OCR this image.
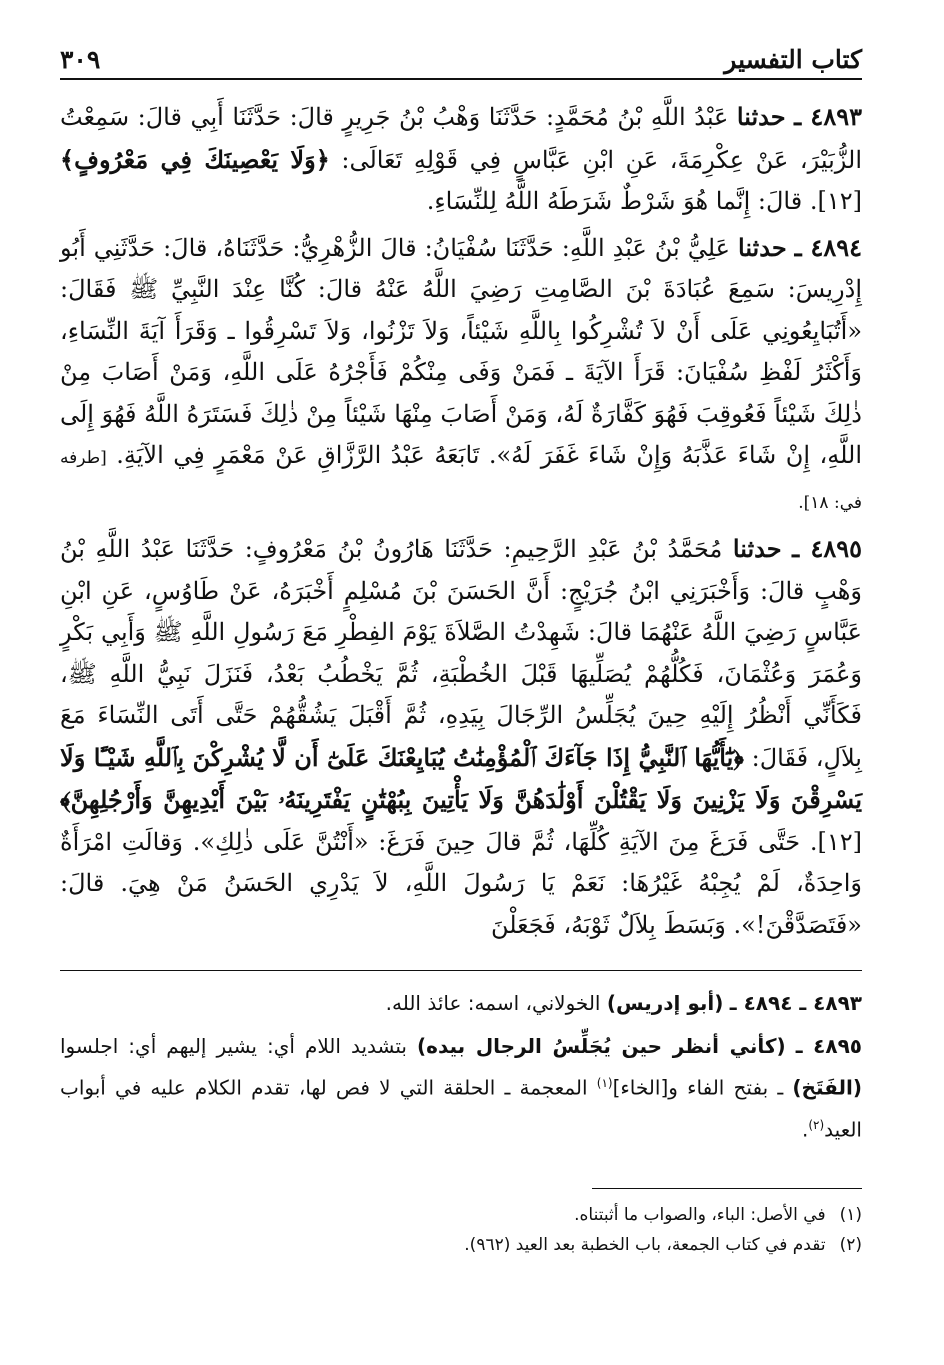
كتاب التفسير
٣٠٩

٤٨٩٣ ـ حدثنا عَبْدُ اللَّهِ بْنُ مُحَمَّدٍ: حَدَّثَنَا وَهْبُ بْنُ جَرِيرٍ قالَ: حَدَّثَنَا أَبِي قالَ: سَمِعْتُ الزُّبَيْرَ، عَنْ عِكْرِمَةَ، عَنِ ابْنِ عَبَّاسٍ فِي قَوْلِهِ تَعَالَى: ﴿وَلَا يَعْصِينَكَ فِي مَعْرُوفٍ﴾ [١٢]. قالَ: إِنَّما هُوَ شَرْطٌ شَرَطَهُ اللَّهُ لِلنِّسَاءِ.

٤٨٩٤ ـ حدثنا عَلِيُّ بْنُ عَبْدِ اللَّهِ: حَدَّثَنَا سُفْيَانُ: قالَ الزُّهْرِيُّ: حَدَّثَنَاهُ، قالَ: حَدَّثَنِي أَبُو إِدْرِيسَ: سَمِعَ عُبَادَةَ بْنَ الصَّامِتِ رَضِيَ اللَّهُ عَنْهُ قالَ: كُنَّا عِنْدَ النَّبِيِّ ﷺ فَقَالَ: «أَتُبَايِعُونِي عَلَى أَنْ لاَ تُشْرِكُوا بِاللَّهِ شَيْئاً، وَلاَ تَزْنُوا، وَلاَ تَسْرِقُوا ـ وَقَرَأَ آيَةَ النِّسَاءِ، وَأَكْثَرُ لَفْظِ سُفْيَانَ: قَرَأَ الآيَةَ ـ فَمَنْ وَفَى مِنْكُمْ فَأَجْرُهُ عَلَى اللَّهِ، وَمَنْ أَصَابَ مِنْ ذٰلِكَ شَيْئاً فَعُوقِبَ فَهُوَ كَفَّارَةٌ لَهُ، وَمَنْ أَصَابَ مِنْهَا شَيْئاً مِنْ ذٰلِكَ فَسَتَرَهُ اللَّهُ فَهُوَ إِلَى اللَّهِ، إِنْ شَاءَ عَذَّبَهُ وَإِنْ شَاءَ غَفَرَ لَهُ». تَابَعَهُ عَبْدُ الرَّزَّاقِ عَنْ مَعْمَرٍ فِي الآيَةِ. [طرفه في: ١٨].

٤٨٩٥ ـ حدثنا مُحَمَّدُ بْنُ عَبْدِ الرَّحِيمِ: حَدَّثَنَا هَارُونُ بْنُ مَعْرُوفٍ: حَدَّثَنَا عَبْدُ اللَّهِ بْنُ وَهْبٍ قالَ: وَأَخْبَرَنِي ابْنُ جُرَيْجٍ: أَنَّ الحَسَنَ بْنَ مُسْلِمٍ أَخْبَرَهُ، عَنْ طَاوُسٍ، عَنِ ابْنِ عَبَّاسٍ رَضِيَ اللَّهُ عَنْهُمَا قالَ: شَهِدْتُ الصَّلاَةَ يَوْمَ الفِطْرِ مَعَ رَسُولِ اللَّهِ ﷺ وَأَبِي بَكْرٍ وَعُمَرَ وَعُثْمَانَ، فَكُلُّهُمْ يُصَلِّيهَا قَبْلَ الخُطْبَةِ، ثُمَّ يَخْطُبُ بَعْدُ، فَنَزَلَ نَبِيُّ اللَّهِ ﷺ، فَكَأَنِّي أَنْظُرُ إِلَيْهِ حِينَ يُجَلِّسُ الرِّجَالَ بِيَدِهِ، ثُمَّ أَقْبَلَ يَشُقُّهُمْ حَتَّى أَتَى النِّسَاءَ مَعَ بِلاَلٍ، فَقَالَ: ﴿يَٰٓأَيُّهَا ٱلنَّبِيُّ إِذَا جَآءَكَ ٱلْمُؤْمِنَٰتُ يُبَايِعْنَكَ عَلَىٰٓ أَن لَّا يُشْرِكْنَ بِٱللَّهِ شَيْـًٔا وَلَا يَسْرِقْنَ وَلَا يَزْنِينَ وَلَا يَقْتُلْنَ أَوْلَٰدَهُنَّ وَلَا يَأْتِينَ بِبُهْتَٰنٍ يَفْتَرِينَهُۥ بَيْنَ أَيْدِيهِنَّ وَأَرْجُلِهِنَّ﴾ [١٢]. حَتَّى فَرَغَ مِنَ الآيَةِ كُلِّهَا، ثُمَّ قالَ حِينَ فَرَغَ: «أَنْتُنَّ عَلَى ذٰلِكِ». وَقالَتِ امْرَأَةٌ وَاحِدَةٌ، لَمْ يُجِبْهُ غَيْرُهَا: نَعَمْ يَا رَسُولَ اللَّهِ، لاَ يَدْرِي الحَسَنُ مَنْ هِيَ. قالَ: «فَتَصَدَّقْنَ!». وَبَسَطَ بِلاَلٌ ثَوْبَهُ، فَجَعَلْنَ

٤٨٩٣ ـ ٤٨٩٤ ـ (أبو إدريس) الخولاني، اسمه: عائذ الله.

٤٨٩٥ ـ (كأني أنظر حين يُجَلِّسُ الرجال بيده) بتشديد اللام أي: يشير إليهم أي: اجلسوا (الفَتَخ) ـ بفتح الفاء و[الخاء]$^{(١)}$ المعجمة ـ الحلقة التي لا فص لها، تقدم الكلام عليه في أبواب العيد$^{(٢)}$.

(١)
في الأصل: الباء، والصواب ما أثبتناه.
(٢)
تقدم في كتاب الجمعة، باب الخطبة بعد العيد (٩٦٢).
